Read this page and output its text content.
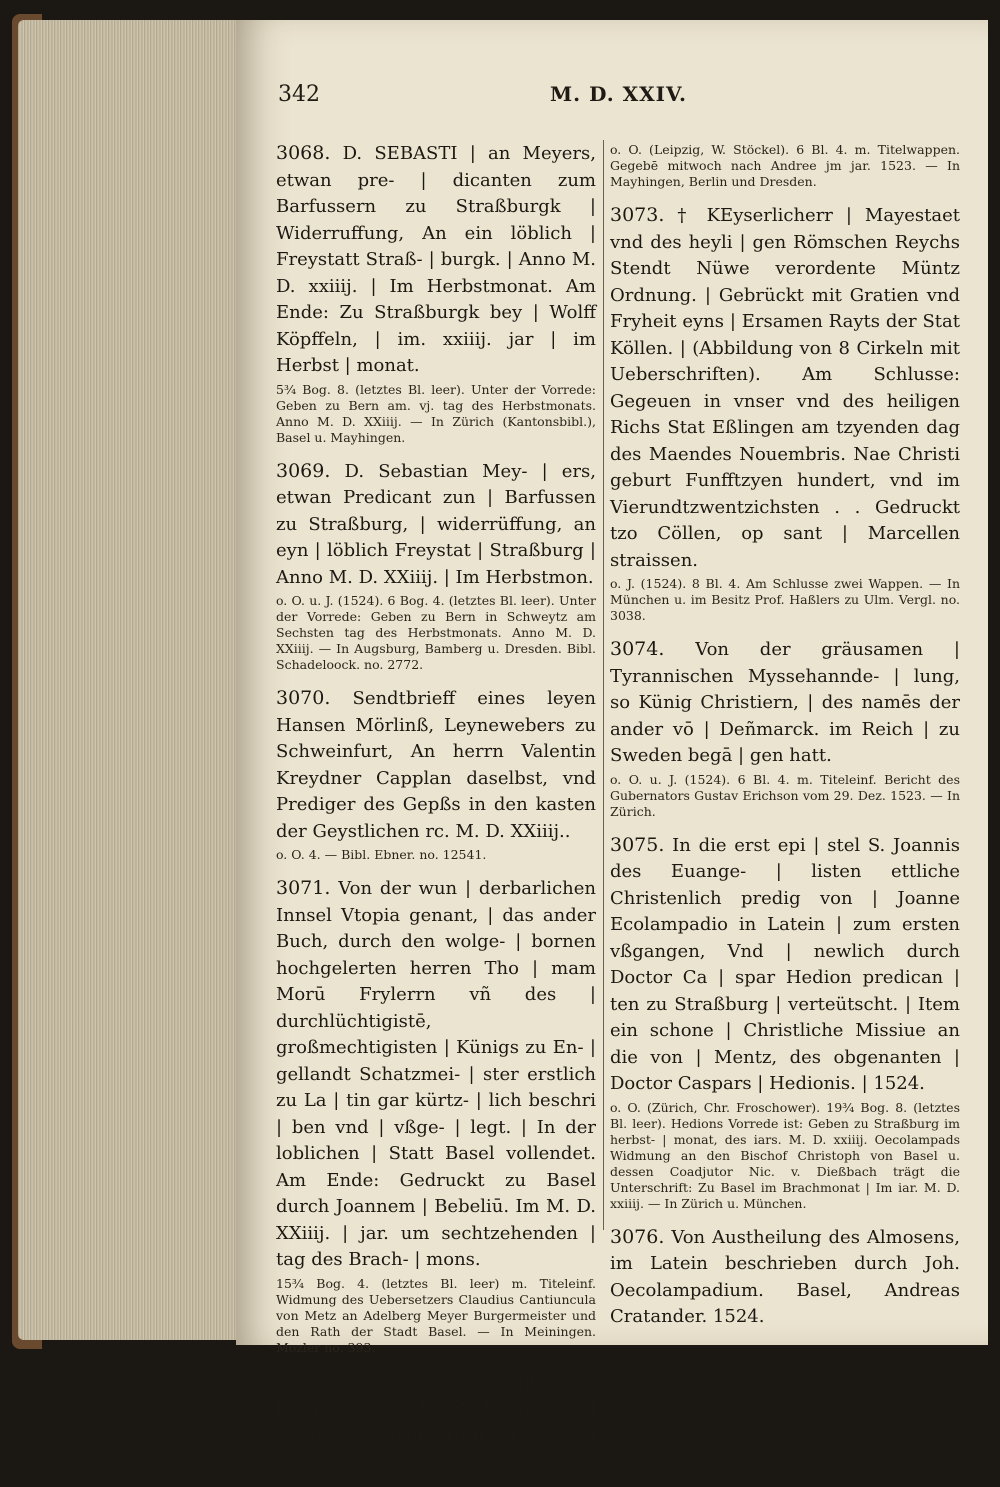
342	M. D. XXIV.

3068. D. SEBASTI | an Meyers, etwan pre- | dicanten zum Barfussern zu Straßburgk | Widerruffung, An ein löblich | Freystatt Straß- | burgk. | Anno M. D. xxiiij. | Im Herbstmonat. Am Ende: Zu Straßburgk bey | Wolff Köpffeln, | im. xxiiij. jar | im Herbst | monat.

5¾ Bog. 8. (letztes Bl. leer). Unter der Vorrede: Geben zu Bern am. vj. tag des Herbstmonats. Anno M. D. XXiiij. — In Zürich (Kantonsbibl.), Basel u. Mayhingen.

3069. D. Sebastian Mey- | ers, etwan Predicant zun | Barfussen zu Straßburg, | widerrüffung, an eyn | löblich Freystat | Straßburg | Anno M. D. XXiiij. | Im Herbstmon.

o. O. u. J. (1524). 6 Bog. 4. (letztes Bl. leer). Unter der Vorrede: Geben zu Bern in Schweytz am Sechsten tag des Herbstmonats. Anno M. D. XXiiij. — In Augsburg, Bamberg u. Dresden. Bibl. Schadeloock. no. 2772.

3070. Sendtbrieff eines leyen Hansen Mörlinß, Leynewebers zu Schweinfurt, An herrn Valentin Kreydner Capplan daselbst, vnd Prediger des Gepßs in den kasten der Geystlichen rc. M. D. XXiiij..

o. O. 4. — Bibl. Ebner. no. 12541.

3071. Von der wun | derbarlichen Innsel Vtopia genant, | das ander Buch, durch den wolge- | bornen hochgelerten herren Tho | mam Morū Frylerrn vñ des | durchlüchtigistē, großmechtigisten | Künigs zu En- | gellandt Schatzmei- | ster erstlich zu La | tin gar kürtz- | lich beschri | ben vnd | vßge- | legt. | In der loblichen | Statt Basel vollendet. Am Ende: Gedruckt zu Basel durch Joannem | Bebeliū. Im M. D. XXiiij. | jar. um sechtzehenden | tag des Brach- | mons.

15¾ Bog. 4. (letztes Bl. leer) m. Titeleinf. Widmung des Uebersetzers Claudius Cantiuncula von Metz an Adelberg Meyer Burgermeister und den Rath der Stadt Basel. — In Meiningen. Mozler no. 393.

3072. Von dem getichten glawben | auff nechst Protestation | außgangē Tome Müntzers Sel- | werters zu Alstet. 1524.

o. O. (Leipzig, W. Stöckel). 6 Bl. 4. m. Titelwappen. Gegebē mitwoch nach Andree jm jar. 1523. — In Mayhingen, Berlin und Dresden.

3073. † KEyserlicherr | Mayestaet vnd des heyli | gen Römschen Reychs Stendt Nüwe verordente Müntz Ordnung. | Gebrückt mit Gratien vnd Fryheit eyns | Ersamen Rayts der Stat Köllen. | (Abbildung von 8 Cirkeln mit Ueberschriften). Am Schlusse: Gegeuen in vnser vnd des heiligen Richs Stat Eßlingen am tzyenden dag des Maendes Nouembris. Nae Christi geburt Funfftzyen hundert, vnd im Vierundtzwentzichsten . . Gedruckt tzo Cöllen, op sant | Marcellen straissen.

o. J. (1524). 8 Bl. 4. Am Schlusse zwei Wappen. — In München u. im Besitz Prof. Haßlers zu Ulm. Vergl. no. 3038.

3074. Von der gräusamen | Tyrannischen Myssehannde- | lung, so Künig Christiern, | des namēs der ander vō | Deñmarck. im Reich | zu Sweden begā | gen hatt.

o. O. u. J. (1524). 6 Bl. 4. m. Titeleinf. Bericht des Gubernators Gustav Erichson vom 29. Dez. 1523. — In Zürich.

3075. In die erst epi | stel S. Joannis des Euange- | listen ettliche Christenlich predig von | Joanne Ecolampadio in Latein | zum ersten vßgangen, Vnd | newlich durch Doctor Ca | spar Hedion predican | ten zu Straßburg | verteütscht. | Item ein schone | Christliche Missiue an die von | Mentz, des obgenanten | Doctor Caspars | Hedionis. | 1524.

o. O. (Zürich, Chr. Froschower). 19¾ Bog. 8. (letztes Bl. leer). Hedions Vorrede ist: Geben zu Straßburg im herbst- | monat, des iars. M. D. xxiiij. Oecolampads Widmung an den Bischof Christoph von Basel u. dessen Coadjutor Nic. v. Dießbach trägt die Unterschrift: Zu Basel im Brachmonat | Im iar. M. D. xxiiij. — In Zürich u. München.

3076. Von Austheilung des Almosens, im Latein beschrieben durch Joh. Oecolampadium. Basel, Andreas Cratander. 1524.
